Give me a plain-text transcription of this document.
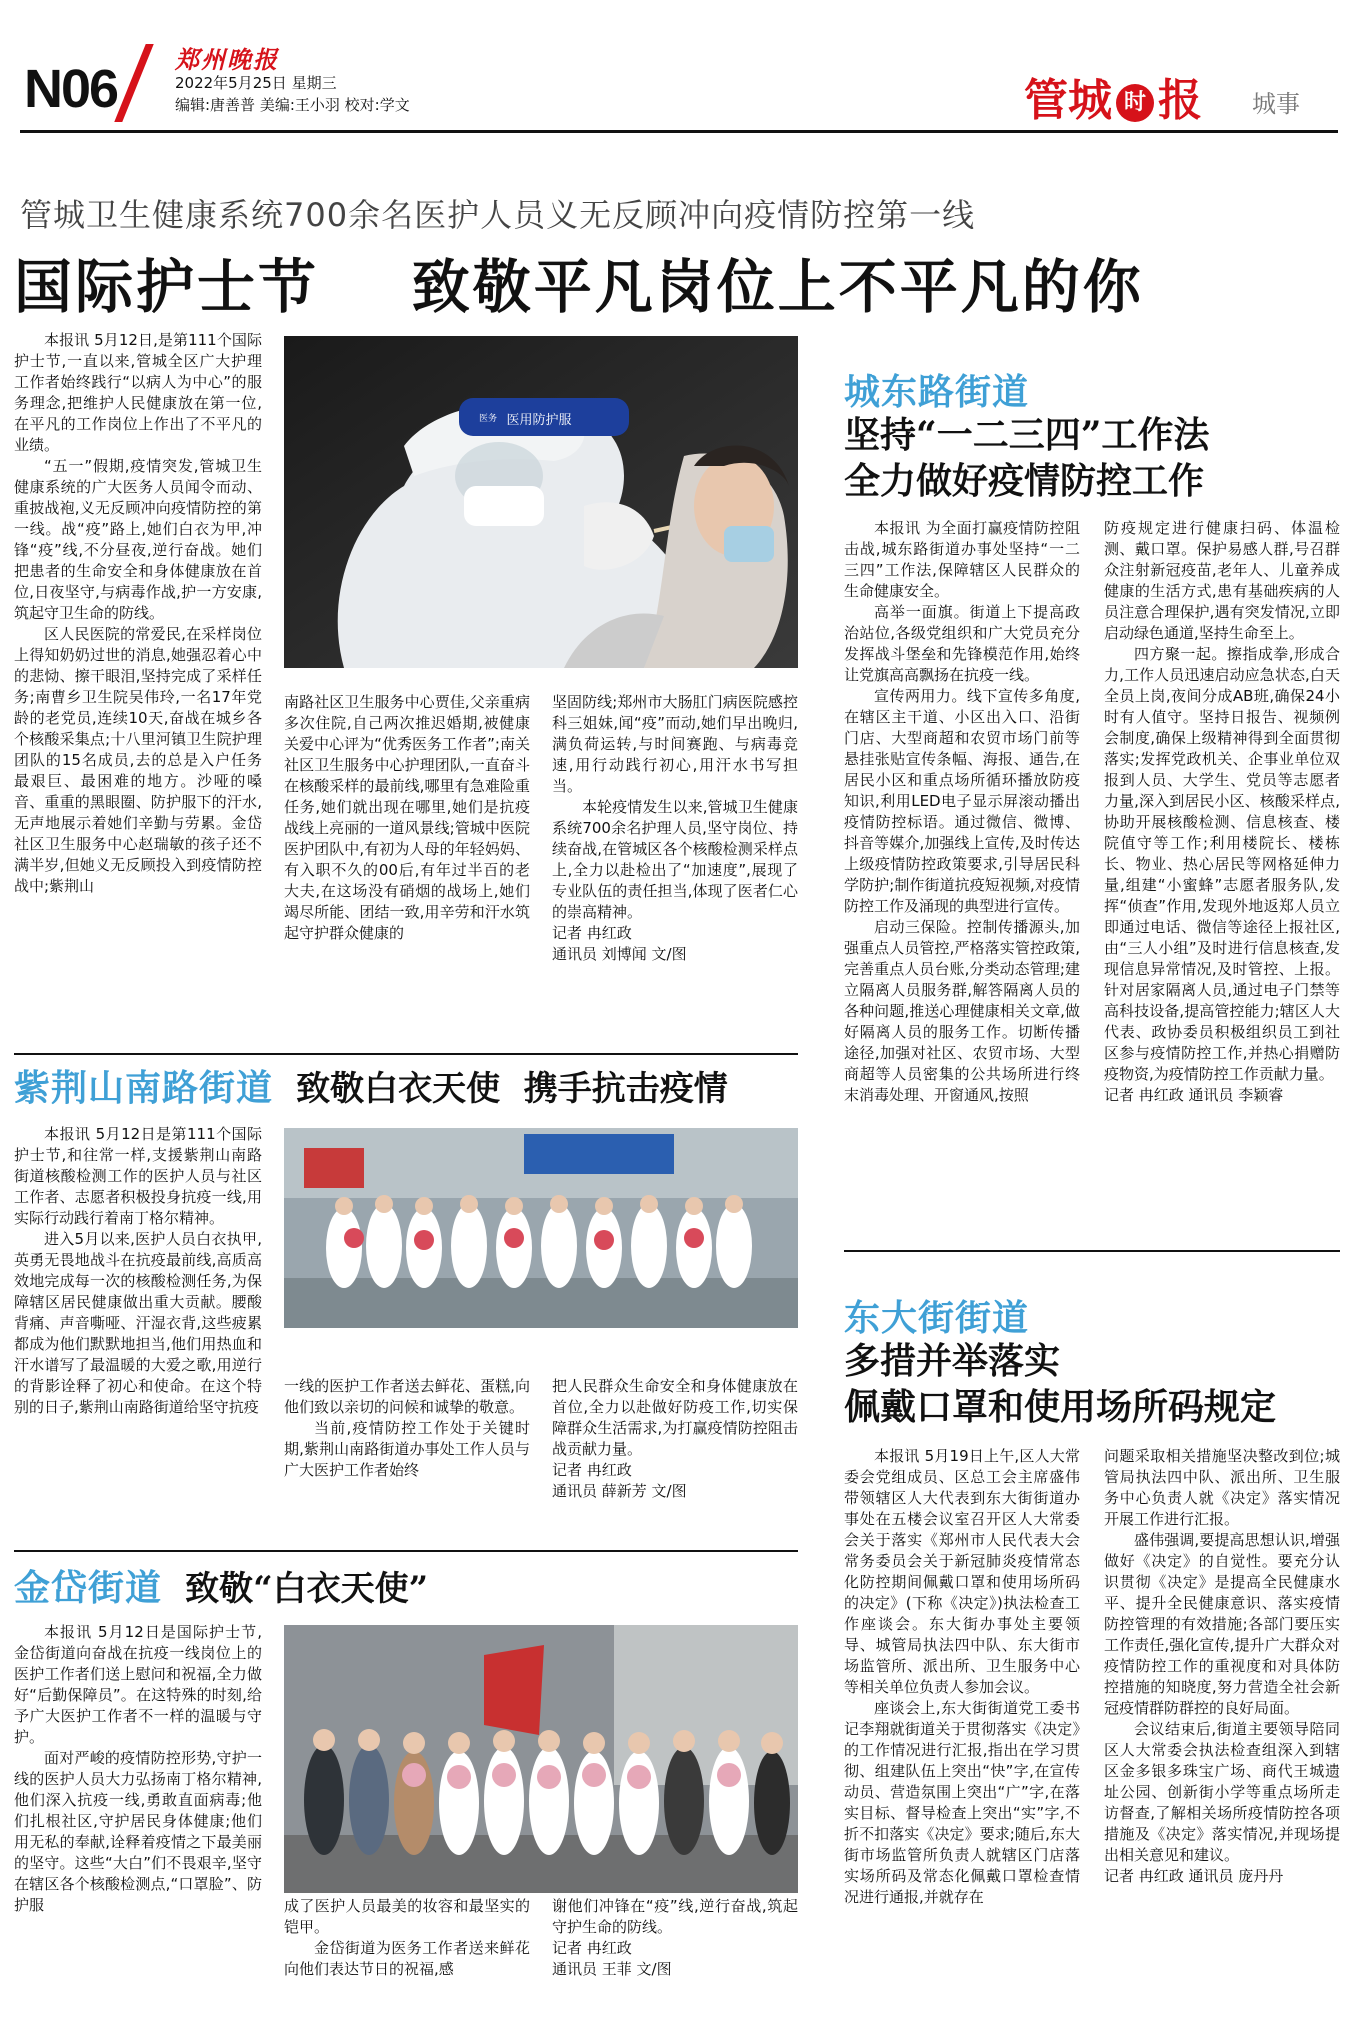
N06 郑州晚报
2022年5月25日 星期三
编辑:唐善普 美编:王小羽 校对:学文	管城 时 报 城事
管城卫生健康系统700余名医护人员义无反顾冲向疫情防控第一线
国际护士节    致敬平凡岗位上不平凡的你

本报讯 5月12日,是第111个国际护士节,一直以来,管城全区广大护理工作者始终践行“以病人为中心”的服务理念,把维护人民健康放在第一位,在平凡的工作岗位上作出了不平凡的业绩。

“五一”假期,疫情突发,管城卫生健康系统的广大医务人员闻令而动、重披战袍,义无反顾冲向疫情防控的第一线。战“疫”路上,她们白衣为甲,冲锋“疫”线,不分昼夜,逆行奋战。她们把患者的生命安全和身体健康放在首位,日夜坚守,与病毒作战,护一方安康,筑起守卫生命的防线。

区人民医院的常爱民,在采样岗位上得知奶奶过世的消息,她强忍着心中的悲恸、擦干眼泪,坚持完成了采样任务;南曹乡卫生院吴伟玲,一名17年党龄的老党员,连续10天,奋战在城乡各个核酸采集点;十八里河镇卫生院护理团队的15名成员,去的总是入户任务最艰巨、最困难的地方。沙哑的嗓音、重重的黑眼圈、防护服下的汗水,无声地展示着她们辛勤与劳累。金岱社区卫生服务中心赵瑞敏的孩子还不满半岁,但她义无反顾投入到疫情防控战中;紫荆山

医用防护服
医务

南路社区卫生服务中心贾佳,父亲重病多次住院,自己两次推迟婚期,被健康关爱中心评为“优秀医务工作者”;南关社区卫生服务中心护理团队,一直奋斗在核酸采样的最前线,哪里有急难险重任务,她们就出现在哪里,她们是抗疫战线上亮丽的一道风景线;管城中医院医护团队中,有初为人母的年轻妈妈、有入职不久的00后,有年过半百的老大夫,在这场没有硝烟的战场上,她们竭尽所能、团结一致,用辛劳和汗水筑起守护群众健康的

坚固防线;郑州市大肠肛门病医院感控科三姐妹,闻“疫”而动,她们早出晚归,满负荷运转,与时间赛跑、与病毒竞速,用行动践行初心,用汗水书写担当。

本轮疫情发生以来,管城卫生健康系统700余名护理人员,坚守岗位、持续奋战,在管城区各个核酸检测采样点上,全力以赴检出了“加速度”,展现了专业队伍的责任担当,体现了医者仁心的崇高精神。

记者 冉红政

通讯员 刘博闻 文/图

紫荆山南路街道 致敬白衣天使  携手抗击疫情

本报讯 5月12日是第111个国际护士节,和往常一样,支援紫荆山南路街道核酸检测工作的医护人员与社区工作者、志愿者积极投身抗疫一线,用实际行动践行着南丁格尔精神。

进入5月以来,医护人员白衣执甲,英勇无畏地战斗在抗疫最前线,高质高效地完成每一次的核酸检测任务,为保障辖区居民健康做出重大贡献。腰酸背痛、声音嘶哑、汗湿衣背,这些疲累都成为他们默默地担当,他们用热血和汗水谱写了最温暖的大爱之歌,用逆行的背影诠释了初心和使命。在这个特别的日子,紫荆山南路街道给坚守抗疫

一线的医护工作者送去鲜花、蛋糕,向他们致以亲切的问候和诚挚的敬意。

当前,疫情防控工作处于关键时期,紫荆山南路街道办事处工作人员与广大医护工作者始终

把人民群众生命安全和身体健康放在首位,全力以赴做好防疫工作,切实保障群众生活需求,为打赢疫情防控阻击战贡献力量。

记者 冉红政

通讯员 薛新芳 文/图

金岱街道 致敬“白衣天使”

本报讯 5月12日是国际护士节,金岱街道向奋战在抗疫一线岗位上的医护工作者们送上慰问和祝福,全力做好“后勤保障员”。在这特殊的时刻,给予广大医护工作者不一样的温暖与守护。

面对严峻的疫情防控形势,守护一线的医护人员大力弘扬南丁格尔精神,他们深入抗疫一线,勇敢直面病毒;他们扎根社区,守护居民身体健康;他们用无私的奉献,诠释着疫情之下最美丽的坚守。这些“大白”们不畏艰辛,坚守在辖区各个核酸检测点,“口罩脸”、防护服	成了医护人员最美的妆容和最坚实的铠甲。

金岱街道为医务工作者送来鲜花向他们表达节日的祝福,感

谢他们冲锋在“疫”线,逆行奋战,筑起守护生命的防线。

记者 冉红政

通讯员 王菲 文/图

城东路街道
坚持“一二三四”工作法
全力做好疫情防控工作

本报讯 为全面打赢疫情防控阻击战,城东路街道办事处坚持“一二三四”工作法,保障辖区人民群众的生命健康安全。

高举一面旗。街道上下提高政治站位,各级党组织和广大党员充分发挥战斗堡垒和先锋模范作用,始终让党旗高高飘扬在抗疫一线。

宣传两用力。线下宣传多角度,在辖区主干道、小区出入口、沿街门店、大型商超和农贸市场门前等悬挂张贴宣传条幅、海报、通告,在居民小区和重点场所循环播放防疫知识,利用LED电子显示屏滚动播出疫情防控标语。通过微信、微博、抖音等媒介,加强线上宣传,及时传达上级疫情防控政策要求,引导居民科学防护;制作街道抗疫短视频,对疫情防控工作及涌现的典型进行宣传。

启动三保险。控制传播源头,加强重点人员管控,严格落实管控政策,完善重点人员台账,分类动态管理;建立隔离人员服务群,解答隔离人员的各种问题,推送心理健康相关文章,做好隔离人员的服务工作。切断传播途径,加强对社区、农贸市场、大型商超等人员密集的公共场所进行终末消毒处理、开窗通风,按照

防疫规定进行健康扫码、体温检测、戴口罩。保护易感人群,号召群众注射新冠疫苗,老年人、儿童养成健康的生活方式,患有基础疾病的人员注意合理保护,遇有突发情况,立即启动绿色通道,坚持生命至上。

四方聚一起。擦指成拳,形成合力,工作人员迅速启动应急状态,白天全员上岗,夜间分成AB班,确保24小时有人值守。坚持日报告、视频例会制度,确保上级精神得到全面贯彻落实;发挥党政机关、企事业单位双报到人员、大学生、党员等志愿者力量,深入到居民小区、核酸采样点,协助开展核酸检测、信息核查、楼院值守等工作;利用楼院长、楼栋长、物业、热心居民等网格延伸力量,组建“小蜜蜂”志愿者服务队,发挥“侦查”作用,发现外地返郑人员立即通过电话、微信等途径上报社区,由“三人小组”及时进行信息核查,发现信息异常情况,及时管控、上报。针对居家隔离人员,通过电子门禁等高科技设备,提高管控能力;辖区人大代表、政协委员积极组织员工到社区参与疫情防控工作,并热心捐赠防疫物资,为疫情防控工作贡献力量。

记者 冉红政 通讯员 李颖睿

东大街街道
多措并举落实
佩戴口罩和使用场所码规定

本报讯 5月19日上午,区人大常委会党组成员、区总工会主席盛伟带领辖区人大代表到东大街街道办事处在五楼会议室召开区人大常委会关于落实《郑州市人民代表大会常务委员会关于新冠肺炎疫情常态化防控期间佩戴口罩和使用场所码的决定》(下称《决定》)执法检查工作座谈会。东大街办事处主要领导、城管局执法四中队、东大街市场监管所、派出所、卫生服务中心等相关单位负责人参加会议。

座谈会上,东大街街道党工委书记李翔就街道关于贯彻落实《决定》的工作情况进行汇报,指出在学习贯彻、组建队伍上突出“快”字,在宣传动员、营造氛围上突出“广”字,在落实目标、督导检查上突出“实”字,不折不扣落实《决定》要求;随后,东大街市场监管所负责人就辖区门店落实场所码及常态化佩戴口罩检查情况进行通报,并就存在

问题采取相关措施坚决整改到位;城管局执法四中队、派出所、卫生服务中心负责人就《决定》落实情况开展工作进行汇报。

盛伟强调,要提高思想认识,增强做好《决定》的自觉性。要充分认识贯彻《决定》是提高全民健康水平、提升全民健康意识、落实疫情防控管理的有效措施;各部门要压实工作责任,强化宣传,提升广大群众对疫情防控工作的重视度和对具体防控措施的知晓度,努力营造全社会新冠疫情群防群控的良好局面。

会议结束后,街道主要领导陪同区人大常委会执法检查组深入到辖区金多银多珠宝广场、商代王城遗址公园、创新街小学等重点场所走访督查,了解相关场所疫情防控各项措施及《决定》落实情况,并现场提出相关意见和建议。

记者 冉红政 通讯员 庞丹丹
